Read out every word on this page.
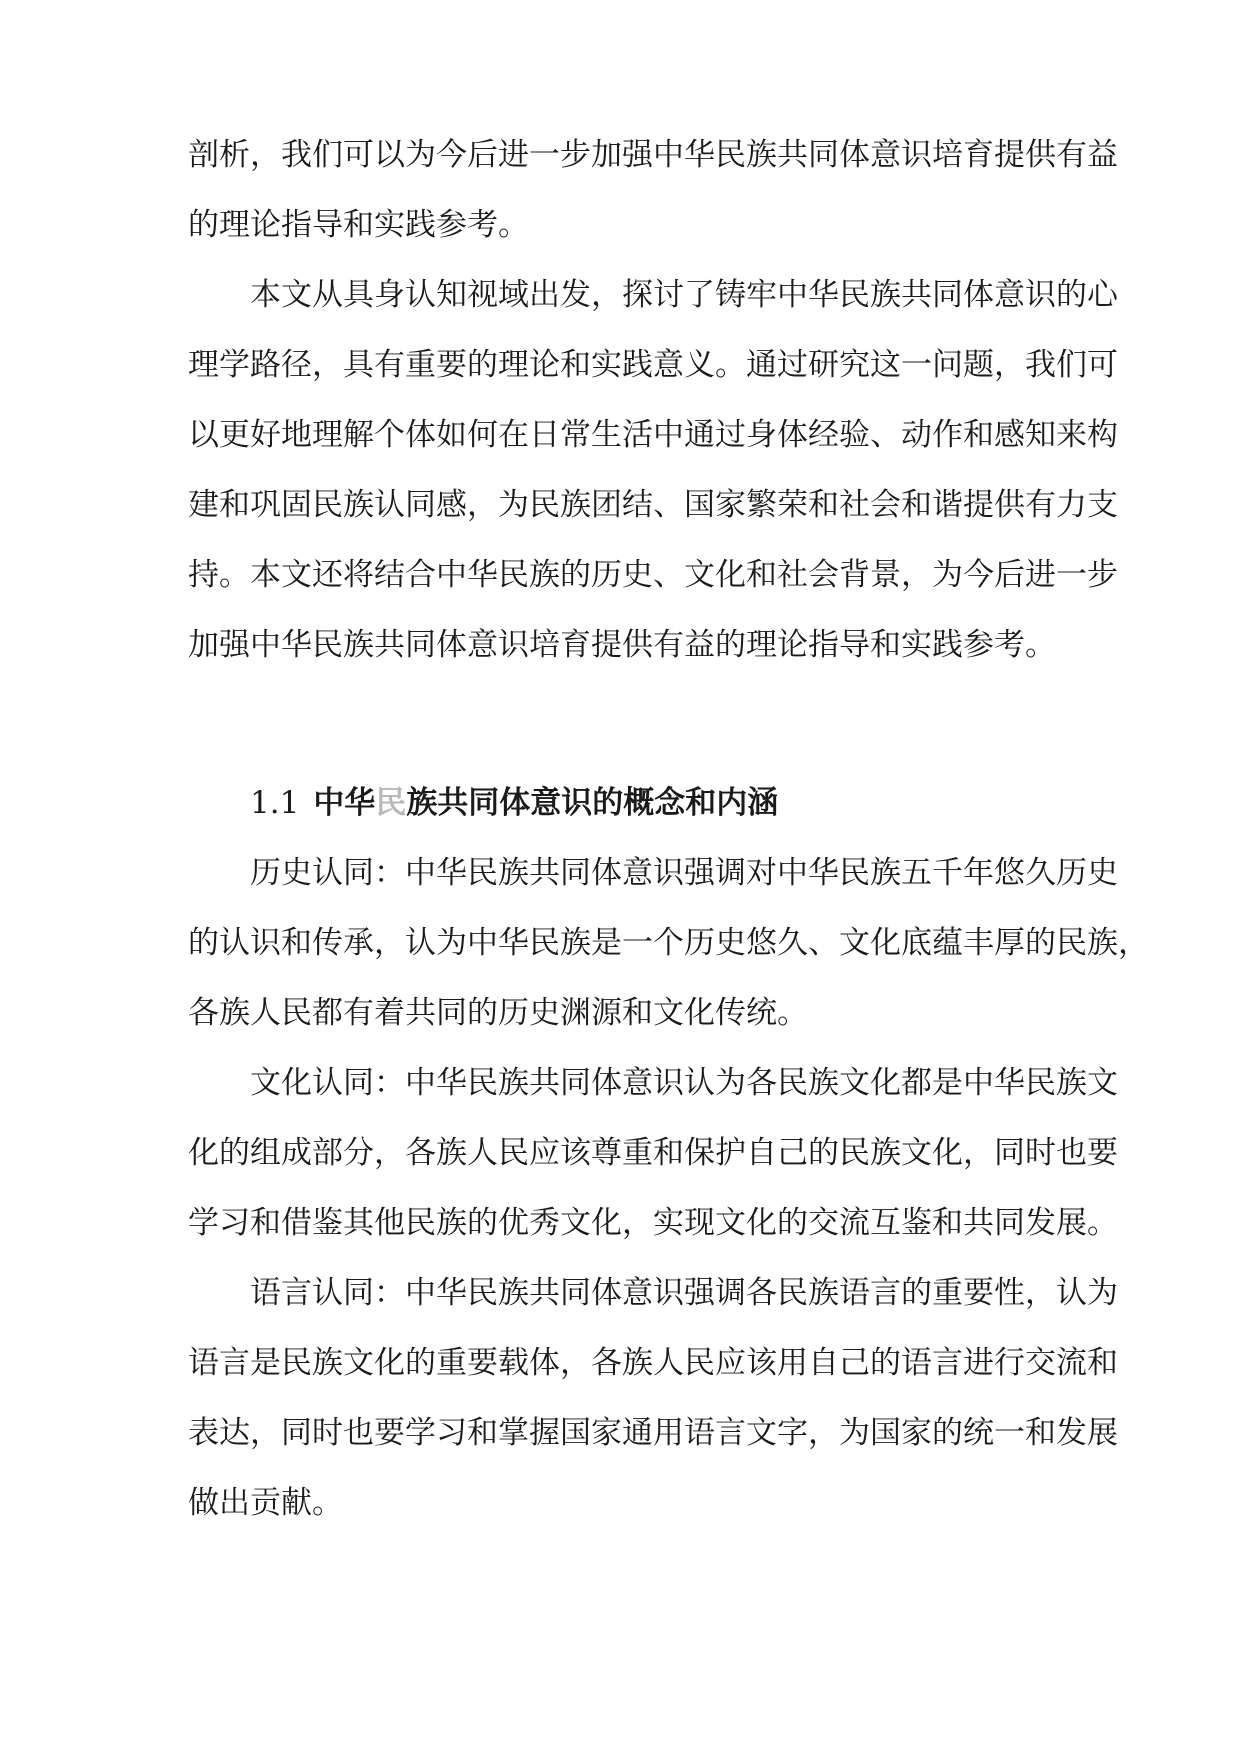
剖析，我们可以为今后进一步加强中华民族共同体意识培育提供有益
的理论指导和实践参考。
本文从具身认知视域出发，探讨了铸牢中华民族共同体意识的心
理学路径，具有重要的理论和实践意义。通过研究这一问题，我们可
以更好地理解个体如何在日常生活中通过身体经验、动作和感知来构
建和巩固民族认同感，为民族团结、国家繁荣和社会和谐提供有力支
持。本文还将结合中华民族的历史、文化和社会背景，为今后进一步
加强中华民族共同体意识培育提供有益的理论指导和实践参考。
1.1 中华民族共同体意识的概念和内涵
历史认同：中华民族共同体意识强调对中华民族五千年悠久历史
的认识和传承，认为中华民族是一个历史悠久、文化底蕴丰厚的民族，
各族人民都有着共同的历史渊源和文化传统。
文化认同：中华民族共同体意识认为各民族文化都是中华民族文
化的组成部分，各族人民应该尊重和保护自己的民族文化，同时也要
学习和借鉴其他民族的优秀文化，实现文化的交流互鉴和共同发展。
语言认同：中华民族共同体意识强调各民族语言的重要性，认为
语言是民族文化的重要载体，各族人民应该用自己的语言进行交流和
表达，同时也要学习和掌握国家通用语言文字，为国家的统一和发展
做出贡献。
